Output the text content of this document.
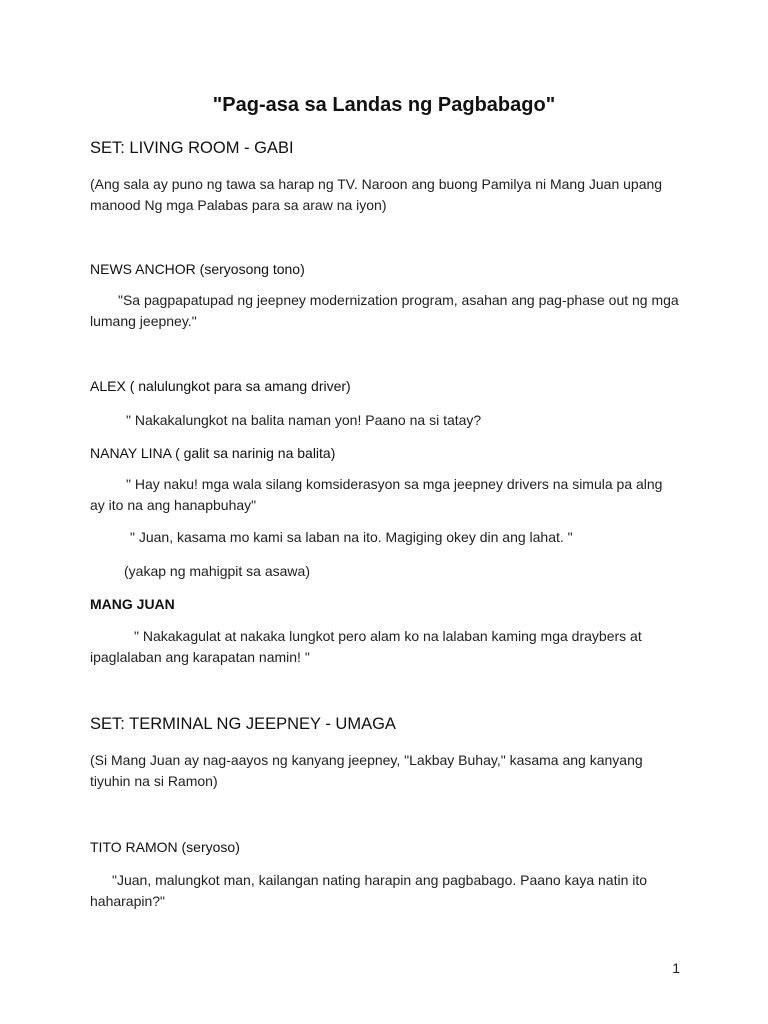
"Pag-asa sa Landas ng Pagbabago"
SET: LIVING ROOM - GABI

(Ang sala ay puno ng tawa sa harap ng TV. Naroon ang buong Pamilya ni Mang Juan upang manood Ng mga Palabas para sa araw na iyon)

NEWS ANCHOR (seryosong tono)

"Sa pagpapatupad ng jeepney modernization program, asahan ang pag-phase out ng mga lumang jeepney."

ALEX ( nalulungkot para sa amang driver)

" Nakakalungkot na balita naman yon! Paano na si tatay?

NANAY LINA ( galit sa narinig na balita)

" Hay naku! mga wala silang komsiderasyon sa mga jeepney drivers na simula pa alng ay ito na ang hanapbuhay"

" Juan, kasama mo kami sa laban na ito. Magiging okey din ang lahat. "

(yakap ng mahigpit sa asawa)

MANG JUAN

" Nakakagulat at nakaka lungkot pero alam ko na lalaban kaming mga draybers at ipaglalaban ang karapatan namin! "

SET: TERMINAL NG JEEPNEY - UMAGA

(Si Mang Juan ay nag-aayos ng kanyang jeepney, "Lakbay Buhay," kasama ang kanyang tiyuhin na si Ramon)

TITO RAMON (seryoso)

"Juan, malungkot man, kailangan nating harapin ang pagbabago. Paano kaya natin ito haharapin?"

1
